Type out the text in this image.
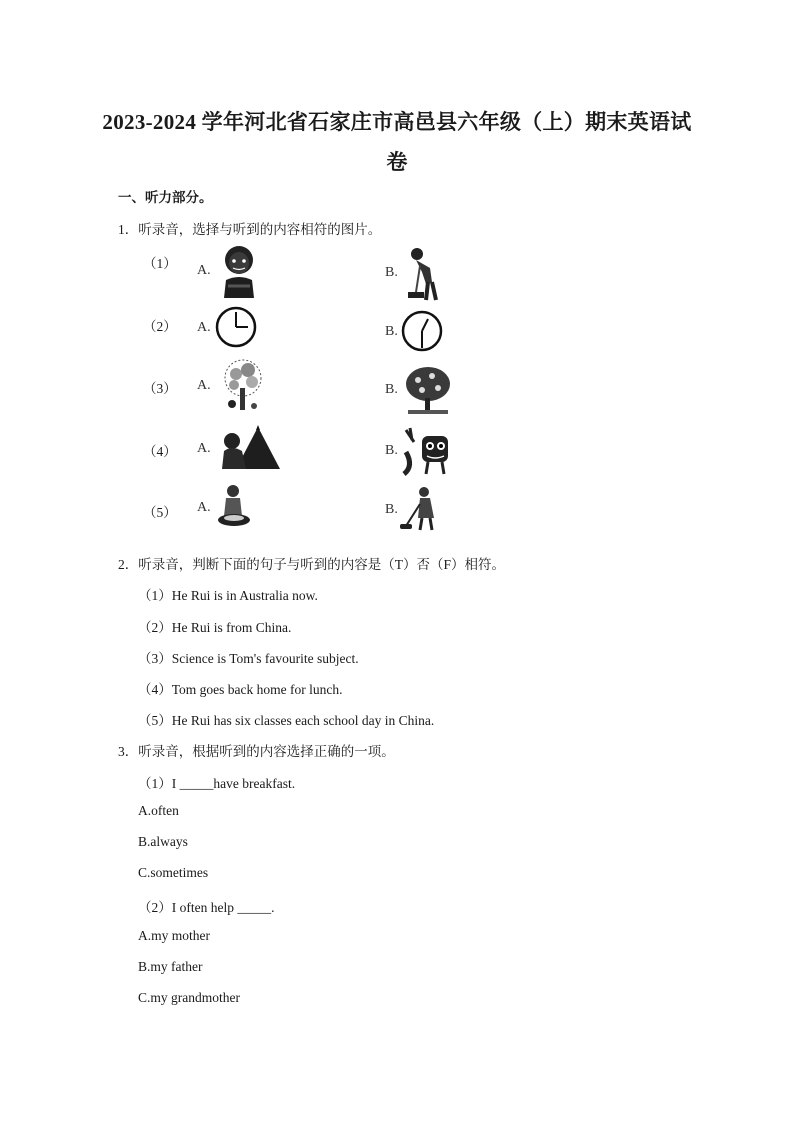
2023-2024 学年河北省石家庄市高邑县六年级（上）期末英语试
卷
一、听力部分。
1．听录音，选择与听到的内容相符的图片。
（1） A.	B.
（2） A.	B.
（3） A.	B.
（4） A.	B.
（5） A.	B.
2．听录音，判断下面的句子与听到的内容是（T）否（F）相符。
（1）He Rui is in Australia now.
（2）He Rui is from China.
（3）Science is Tom's favourite subject.
（4）Tom goes back home for lunch.
（5）He Rui has six classes each school day in China.
3．听录音，根据听到的内容选择正确的一项。
（1）I _____have breakfast.
A.often
B.always
C.sometimes
（2）I often help _____.
A.my mother
B.my father
C.my grandmother
